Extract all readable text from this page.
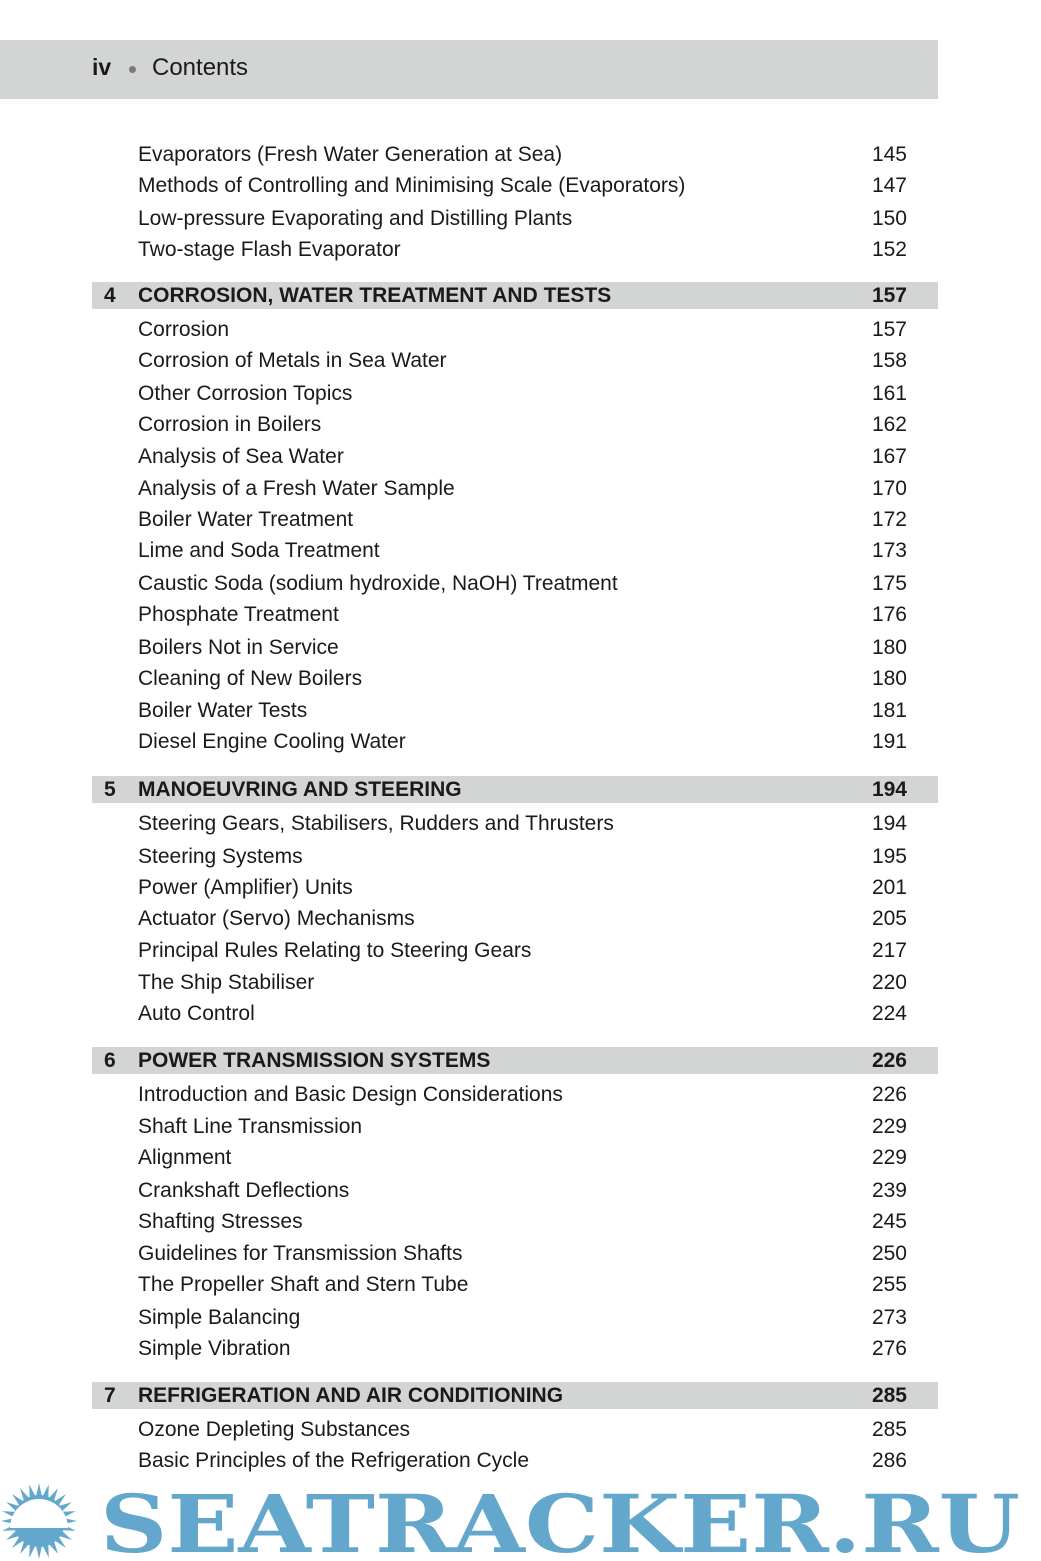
iv Contents
Evaporators (Fresh Water Generation at Sea)	145
Methods of Controlling and Minimising Scale (Evaporators)	147
Low-pressure Evaporating and Distilling Plants	150
Two-stage Flash Evaporator	152
4 CORROSION, WATER TREATMENT AND TESTS	157
Corrosion	157
Corrosion of Metals in Sea Water	158
Other Corrosion Topics	161
Corrosion in Boilers	162
Analysis of Sea Water	167
Analysis of a Fresh Water Sample	170
Boiler Water Treatment	172
Lime and Soda Treatment	173
Caustic Soda (sodium hydroxide, NaOH) Treatment	175
Phosphate Treatment	176
Boilers Not in Service	180
Cleaning of New Boilers	180
Boiler Water Tests	181
Diesel Engine Cooling Water	191
5 MANOEUVRING AND STEERING	194
Steering Gears, Stabilisers, Rudders and Thrusters	194
Steering Systems	195
Power (Amplifier) Units	201
Actuator (Servo) Mechanisms	205
Principal Rules Relating to Steering Gears	217
The Ship Stabiliser	220
Auto Control	224
6 POWER TRANSMISSION SYSTEMS	226
Introduction and Basic Design Considerations	226
Shaft Line Transmission	229
Alignment	229
Crankshaft Deflections	239
Shafting Stresses	245
Guidelines for Transmission Shafts	250
The Propeller Shaft and Stern Tube	255
Simple Balancing	273
Simple Vibration	276
7 REFRIGERATION AND AIR CONDITIONING	285
Ozone Depleting Substances	285
Basic Principles of the Refrigeration Cycle	286
SEATRACKER.RU
